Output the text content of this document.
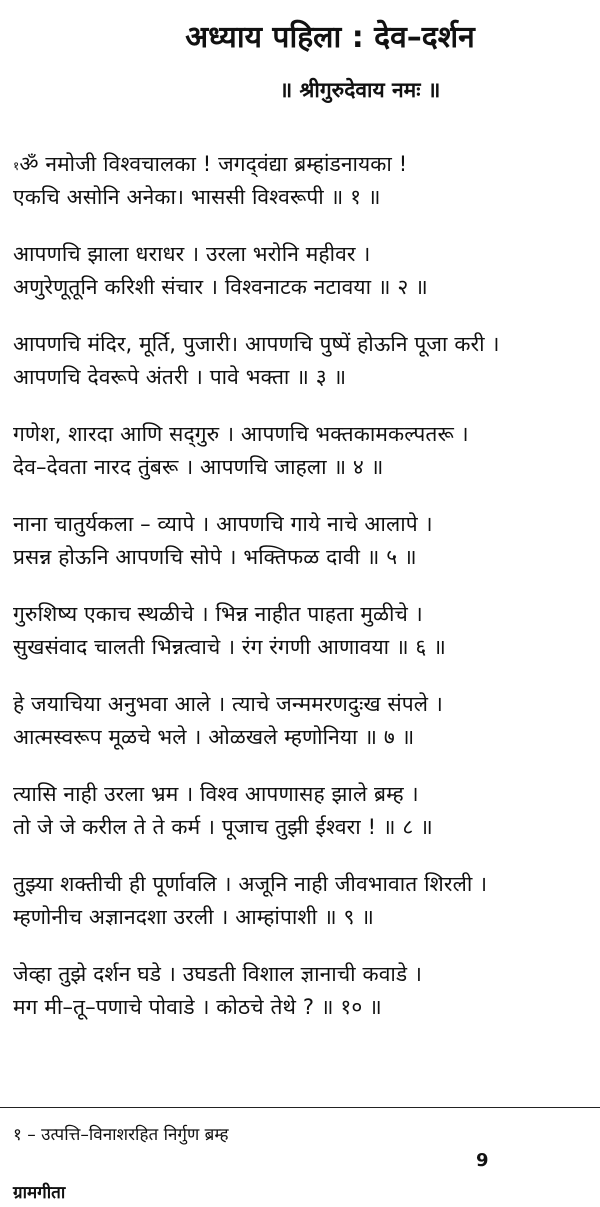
अध्याय पहिला : देव–दर्शन
॥ श्रीगुरुदेवाय नमः ॥
$^१$ॐ नमोजी विश्वचालका ! जगद्‌वंद्या ब्रम्हांडनायका !
एकचि असोनि अनेका। भाससी विश्वरूपी ॥ १ ॥
आपणचि झाला धराधर । उरला भरोनि महीवर ।
अणुरेणूतूनि करिशी संचार । विश्वनाटक नटावया ॥ २ ॥
आपणचि मंदिर, मूर्ति, पुजारी। आपणचि पुष्पें होऊनि पूजा करी ।
आपणचि देवरूपे अंतरी । पावे भक्ता ॥ ३ ॥
गणेश, शारदा आणि सद्‌गुरु । आपणचि भक्तकामकल्पतरू ।
देव–देवता नारद तुंबरू । आपणचि जाहला ॥ ४ ॥
नाना चातुर्यकला – व्यापे । आपणचि गाये नाचे आलापे ।
प्रसन्न होऊनि आपणचि सोपे । भक्तिफळ दावी ॥ ५ ॥
गुरुशिष्य एकाच स्थळीचे । भिन्न नाहीत पाहता मुळीचे ।
सुखसंवाद चालती भिन्नत्वाचे । रंग रंगणी आणावया ॥ ६ ॥
हे जयाचिया अनुभवा आले । त्याचे जन्ममरणदुःख संपले ।
आत्मस्वरूप मूळचे भले । ओळखले म्हणोनिया ॥ ७ ॥
त्यासि नाही उरला भ्रम । विश्व आपणासह झाले ब्रम्ह ।
तो जे जे करील ते ते कर्म । पूजाच तुझी ईश्वरा ! ॥ ८ ॥
तुझ्या शक्तीची ही पूर्णावलि । अजूनि नाही जीवभावात शिरली ।
म्हणोनीच अज्ञानदशा उरली । आम्हांपाशी ॥ ९ ॥
जेव्हा तुझे दर्शन घडे । उघडती विशाल ज्ञानाची कवाडे ।
मग मी–तू–पणाचे पोवाडे । कोठचे तेथे ? ॥ १० ॥
१ – उत्पत्ति–विनाशरहित निर्गुण ब्रम्ह
9
ग्रामगीता
